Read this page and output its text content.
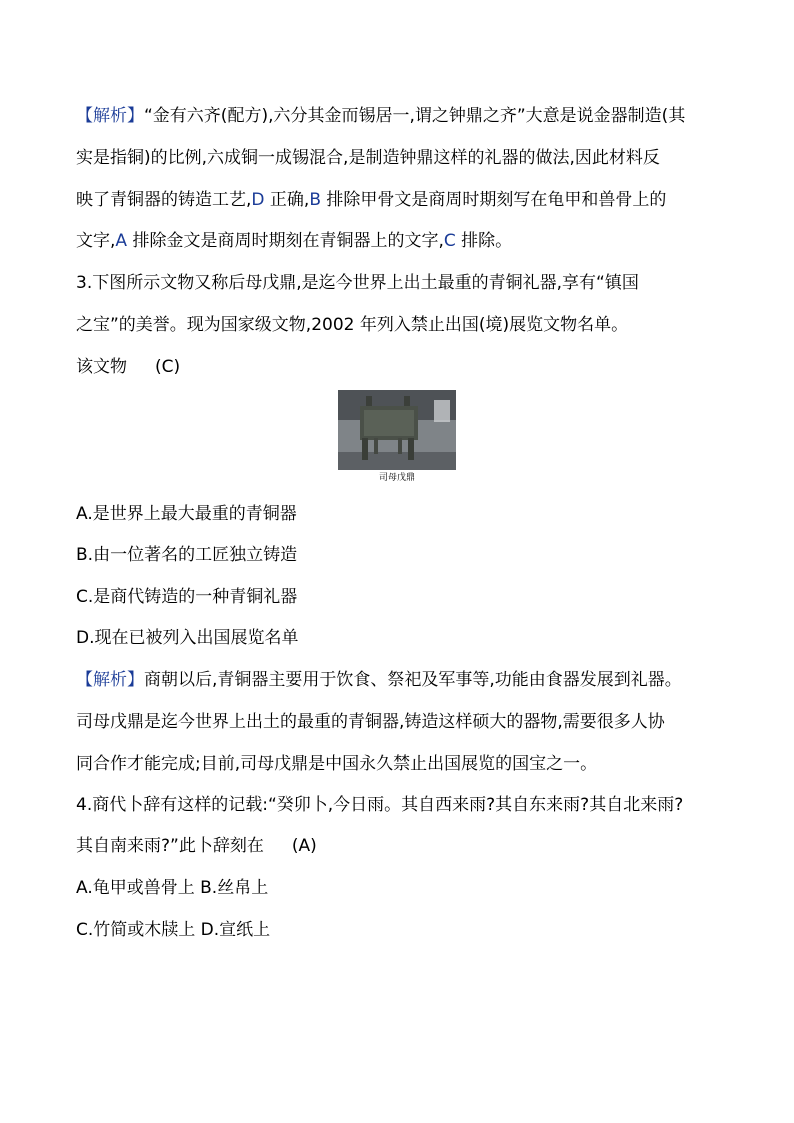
【解析】“金有六齐(配方),六分其金而锡居一,谓之钟鼎之齐”大意是说金器制造(其
实是指铜)的比例,六成铜一成锡混合,是制造钟鼎这样的礼器的做法,因此材料反
映了青铜器的铸造工艺,D 正确,B 排除甲骨文是商周时期刻写在龟甲和兽骨上的
文字,A 排除金文是商周时期刻在青铜器上的文字,C 排除。
3.下图所示文物又称后母戊鼎,是迄今世界上出土最重的青铜礼器,享有“镇国
之宝”的美誉。现为国家级文物,2002 年列入禁止出国(境)展览文物名单。
该文物 (C)
司母戊鼎
A.是世界上最大最重的青铜器
B.由一位著名的工匠独立铸造
C.是商代铸造的一种青铜礼器
D.现在已被列入出国展览名单
【解析】商朝以后,青铜器主要用于饮食、祭祀及军事等,功能由食器发展到礼器。
司母戊鼎是迄今世界上出土的最重的青铜器,铸造这样硕大的器物,需要很多人协
同合作才能完成;目前,司母戊鼎是中国永久禁止出国展览的国宝之一。
4.商代卜辞有这样的记载:“癸卯卜,今日雨。其自西来雨?其自东来雨?其自北来雨?
其自南来雨?”此卜辞刻在 (A)
A.龟甲或兽骨上 B.丝帛上
C.竹简或木牍上 D.宣纸上
